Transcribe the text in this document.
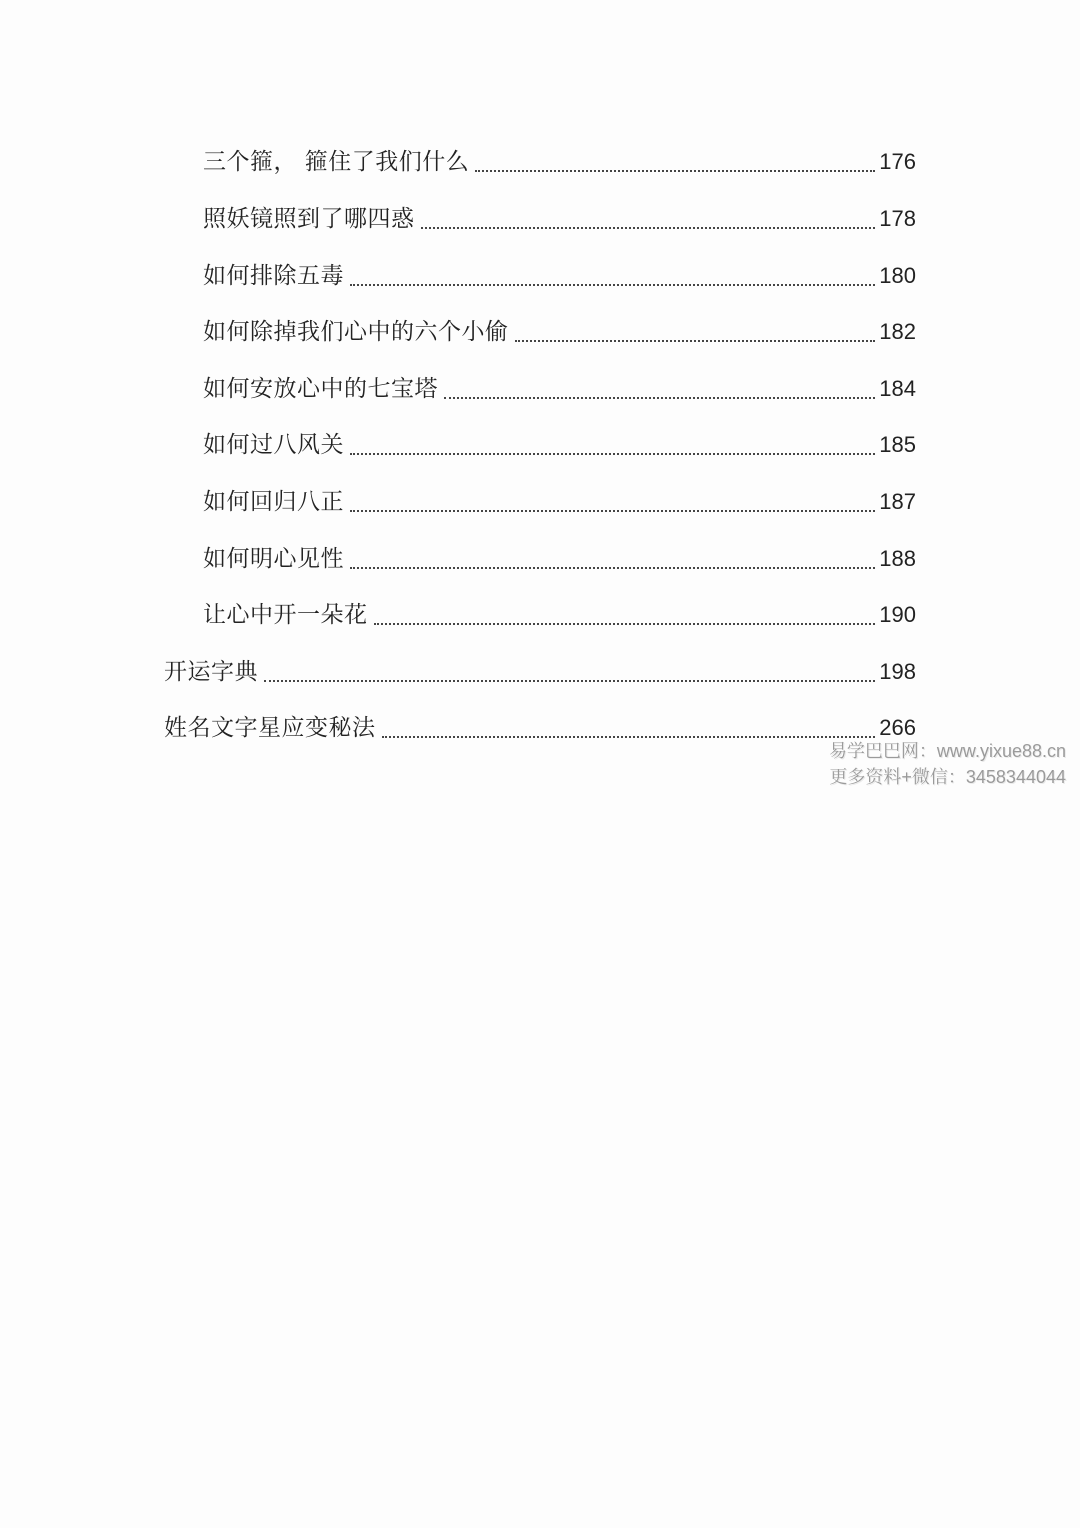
三个箍， 箍住了我们什么	176
照妖镜照到了哪四惑	178
如何排除五毒	180
如何除掉我们心中的六个小偷	182
如何安放心中的七宝塔	184
如何过八风关	185
如何回归八正	187
如何明心见性	188
让心中开一朵花	190
开运字典	198
姓名文字星应变秘法	266
易学巴巴网：www.yixue88.cn
更多资料+微信：3458344044
